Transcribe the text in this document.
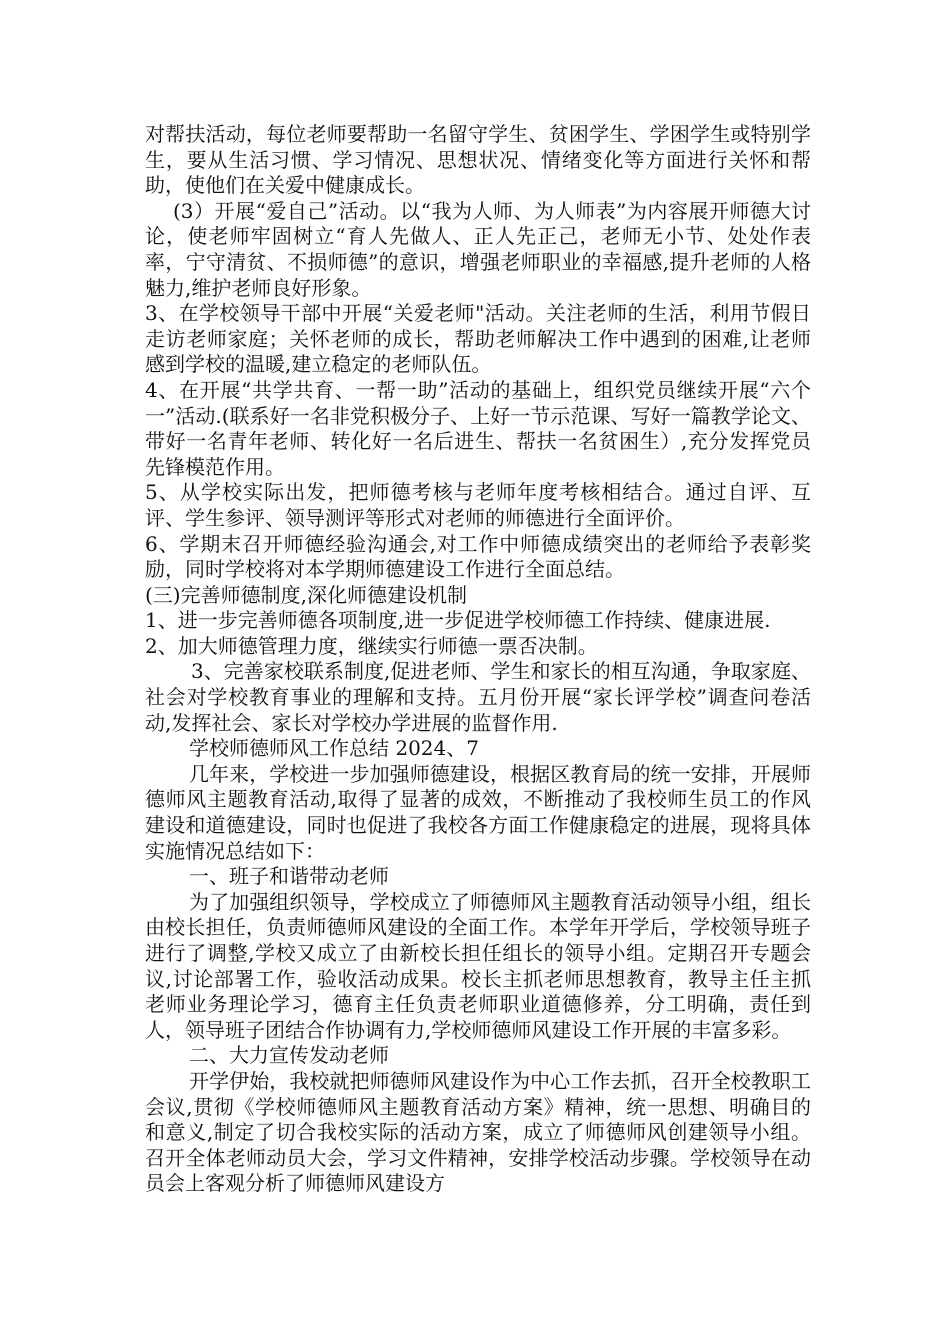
对帮扶活动，每位老师要帮助一名留守学生、贫困学生、学困学生或特别学生，要从生活习惯、学习情况、思想状况、情绪变化等方面进行关怀和帮助，使他们在关爱中健康成长。

(3）开展“爱自己”活动。以“我为人师、为人师表”为内容展开师德大讨论，使老师牢固树立“育人先做人、正人先正己，老师无小节、处处作表率，宁守清贫、不损师德”的意识，增强老师职业的幸福感,提升老师的人格魅力,维护老师良好形象。

3、在学校领导干部中开展“关爱老师"活动。关注老师的生活，利用节假日走访老师家庭；关怀老师的成长，帮助老师解决工作中遇到的困难,让老师感到学校的温暖,建立稳定的老师队伍。

4、在开展“共学共育、一帮一助”活动的基础上，组织党员继续开展“六个一”活动.(联系好一名非党积极分子、上好一节示范课、写好一篇教学论文、带好一名青年老师、转化好一名后进生、帮扶一名贫困生）,充分发挥党员先锋模范作用。

5、从学校实际出发，把师德考核与老师年度考核相结合。通过自评、互评、学生参评、领导测评等形式对老师的师德进行全面评价。

6、学期末召开师德经验沟通会,对工作中师德成绩突出的老师给予表彰奖励，同时学校将对本学期师德建设工作进行全面总结。

(三)完善师德制度,深化师德建设机制

1、进一步完善师德各项制度,进一步促进学校师德工作持续、健康进展.

2、加大师德管理力度，继续实行师德一票否决制。

3、完善家校联系制度,促进老师、学生和家长的相互沟通，争取家庭、社会对学校教育事业的理解和支持。五月份开展“家长评学校”调查问卷活动,发挥社会、家长对学校办学进展的监督作用.

学校师德师风工作总结 2024、7

几年来，学校进一步加强师德建设，根据区教育局的统一安排，开展师德师风主题教育活动,取得了显著的成效，不断推动了我校师生员工的作风建设和道德建设，同时也促进了我校各方面工作健康稳定的进展，现将具体实施情况总结如下：

一、班子和谐带动老师

为了加强组织领导，学校成立了师德师风主题教育活动领导小组，组长由校长担任，负责师德师风建设的全面工作。本学年开学后，学校领导班子进行了调整,学校又成立了由新校长担任组长的领导小组。定期召开专题会议,讨论部署工作，验收活动成果。校长主抓老师思想教育，教导主任主抓老师业务理论学习，德育主任负责老师职业道德修养，分工明确，责任到人，领导班子团结合作协调有力,学校师德师风建设工作开展的丰富多彩。

二、大力宣传发动老师

开学伊始，我校就把师德师风建设作为中心工作去抓，召开全校教职工会议,贯彻《学校师德师风主题教育活动方案》精神，统一思想、明确目的和意义,制定了切合我校实际的活动方案，成立了师德师风创建领导小组。召开全体老师动员大会，学习文件精神，安排学校活动步骤。学校领导在动员会上客观分析了师德师风建设方
